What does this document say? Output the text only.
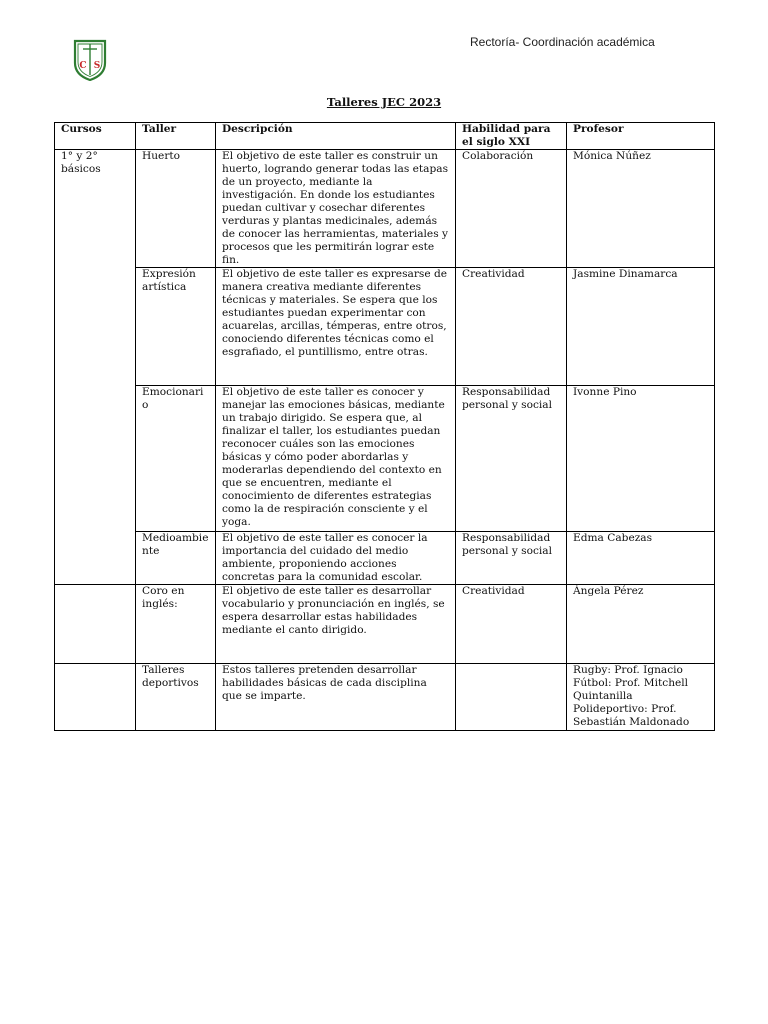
C S
Rectoría- Coordinación académica
Talleres JEC 2023
Cursos	Taller	Descripción	Habilidad para el siglo XXI	Profesor
1° y 2° básicos	Huerto	El objetivo de este taller es construir un huerto, logrando generar todas las etapas de un proyecto, mediante la investigación. En donde los estudiantes puedan cultivar y cosechar diferentes verduras y plantas medicinales, además de conocer las herramientas, materiales y procesos que les permitirán lograr este fin.	Colaboración	Mónica Núñez
	Expresión artística	El objetivo de este taller es expresarse de manera creativa mediante diferentes técnicas y materiales. Se espera que los estudiantes puedan experimentar con acuarelas, arcillas, témperas, entre otros, conociendo diferentes técnicas como el esgrafiado, el puntillismo, entre otras.	Creatividad	Jasmine Dinamarca
	Emocionario	El objetivo de este taller es conocer y manejar las emociones básicas, mediante un trabajo dirigido. Se espera que, al finalizar el taller, los estudiantes puedan reconocer cuáles son las emociones básicas y cómo poder abordarlas y moderarlas dependiendo del contexto en que se encuentren, mediante el conocimiento de diferentes estrategias como la de respiración consciente y el yoga.	Responsabilidad personal y social	Ivonne Pino
	Medioambiente	El objetivo de este taller es conocer la importancia del cuidado del medio ambiente, proponiendo acciones concretas para la comunidad escolar.	Responsabilidad personal y social	Edma Cabezas
	Coro en inglés:	El objetivo de este taller es desarrollar vocabulario y pronunciación en inglés, se espera desarrollar estas habilidades mediante el canto dirigido.	Creatividad	Ángela Pérez
	Talleres deportivos	Estos talleres pretenden desarrollar habilidades básicas de cada disciplina que se imparte.		Rugby: Prof. Ignacio
Fútbol: Prof. Mitchell Quintanilla
Polideportivo: Prof. Sebastián Maldonado
